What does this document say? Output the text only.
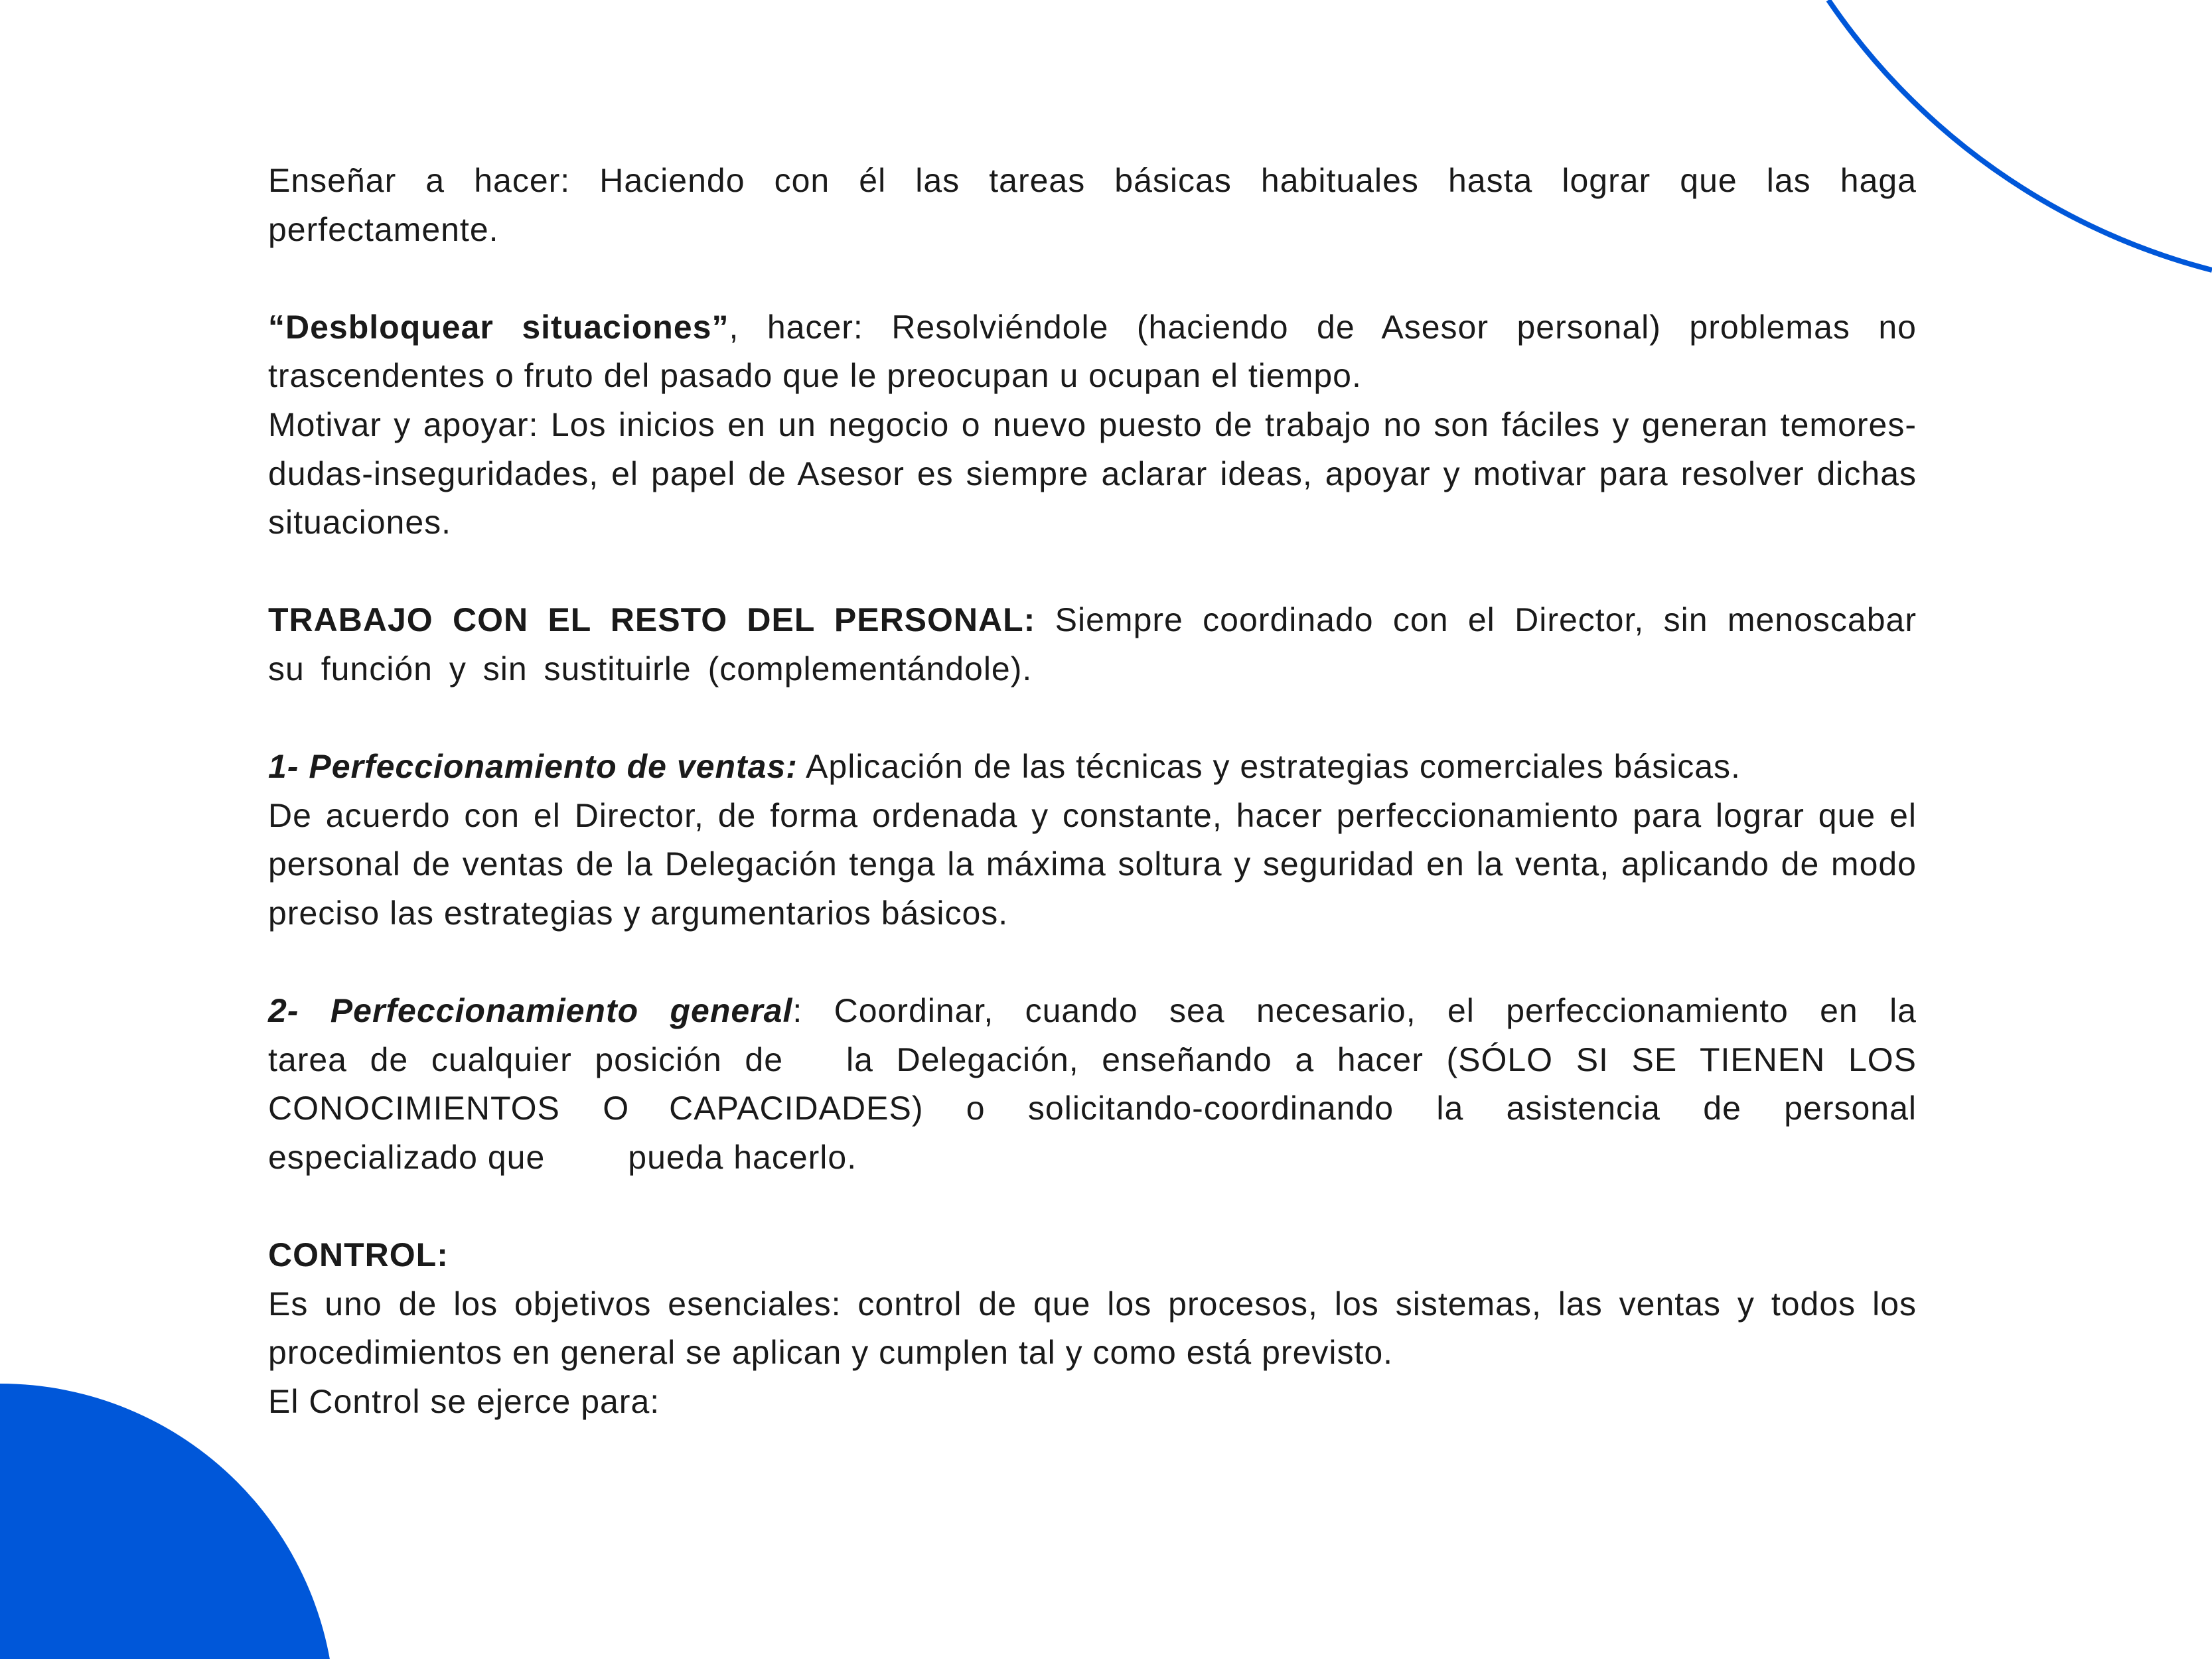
Enseñar a hacer: Haciendo con él las tareas básicas habituales hasta lograr que las haga perfectamente.

“Desbloquear situaciones”, hacer: Resolviéndole (haciendo de Asesor personal) problemas no trascendentes o fruto del pasado que le preocupan u ocupan el tiempo.

Motivar y apoyar: Los inicios en un negocio o nuevo puesto de trabajo no son fáciles y generan temores-dudas-inseguridades, el papel de Asesor es siempre aclarar ideas, apoyar y motivar para resolver dichas situaciones.

TRABAJO CON EL RESTO DEL PERSONAL: Siempre coordinado con el Director, sin menoscabar su función y sin sustituirle (complementándole).

1- Perfeccionamiento de ventas: Aplicación de las técnicas y estrategias comerciales básicas.

De acuerdo con el Director, de forma ordenada y constante, hacer perfeccionamiento para lograr que el personal de ventas de la Delegación tenga la máxima soltura y seguridad en la venta, aplicando de modo preciso las estrategias y argumentarios básicos.

2- Perfeccionamiento general: Coordinar, cuando sea necesario, el perfeccionamiento en la
tarea de cualquier posición de la Delegación, enseñando a hacer (SÓLO SI SE TIENEN LOS
CONOCIMIENTOS O CAPACIDADES) o solicitando-coordinando la asistencia de personal
especializado que	pueda hacerlo.

CONTROL:

Es uno de los objetivos esenciales: control de que los procesos, los sistemas, las ventas y todos los procedimientos en general se aplican y cumplen tal y como está previsto.

El Control se ejerce para:
